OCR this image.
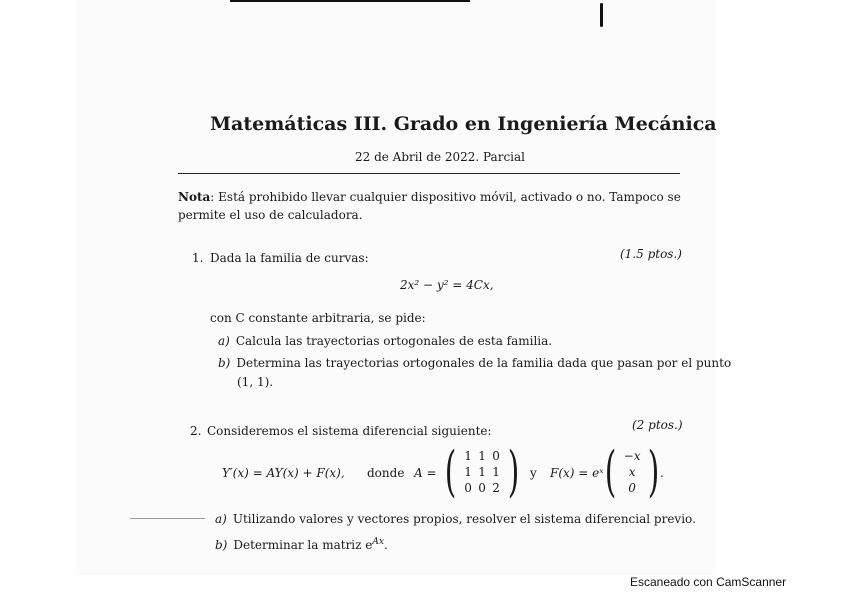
Matemáticas III. Grado en Ingeniería Mecánica
22 de Abril de 2022. Parcial
Nota: Está prohibido llevar cualquier dispositivo móvil, activado o no. Tampoco se permite el uso de calculadora.
1. Dada la familia de curvas:	(1.5 ptos.)
2x² − y² = 4Cx,
con C constante arbitraria, se pide:
a) Calcula las trayectorias ortogonales de esta familia.
b) Determina las trayectorias ortogonales de la familia dada que pasan por el punto
(1, 1).
2. Consideremos el sistema diferencial siguiente:	(2 ptos.)
Y′(x) = AY(x) + F(x), donde A = ( 1 1 0
1 1 1
0 0 2 ) y F(x) = eˣ ( −x
x
0 ) .
a) Utilizando valores y vectores propios, resolver el sistema diferencial previo.
b) Determinar la matriz $e^{Ax}$.
Escaneado con CamScanner
